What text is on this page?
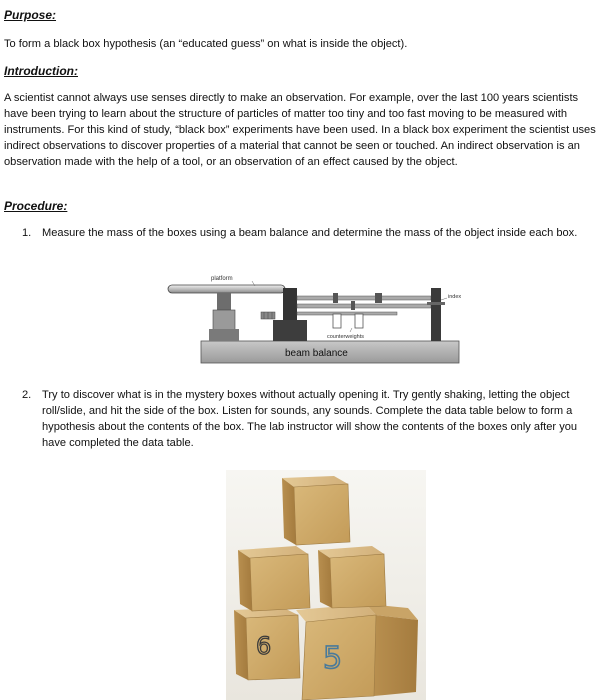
Purpose:
To form a black box hypothesis (an “educated guess” on what is inside the object).
Introduction:
A scientist cannot always use senses directly to make an observation. For example, over the last 100 years scientists have been trying to learn about the structure of particles of matter too tiny and too fast moving to be measured with instruments. For this kind of study, “black box” experiments have been used. In a black box experiment the scientist uses indirect observations to discover properties of a material that cannot be seen or touched. An indirect observation is an observation made with the help of a tool, or an observation of an effect caused by the object.
Procedure:
1. Measure the mass of the boxes using a beam balance and determine the mass of the object inside each box.
platform
index
counterweights
beam balance
2. Try to discover what is in the mystery boxes without actually opening it. Try gently shaking, letting the object roll/slide, and hit the side of the box. Listen for sounds, any sounds. Complete the data table below to form a hypothesis about the contents of the box. The lab instructor will show the contents of the boxes only after you have completed the data table.
5
6
